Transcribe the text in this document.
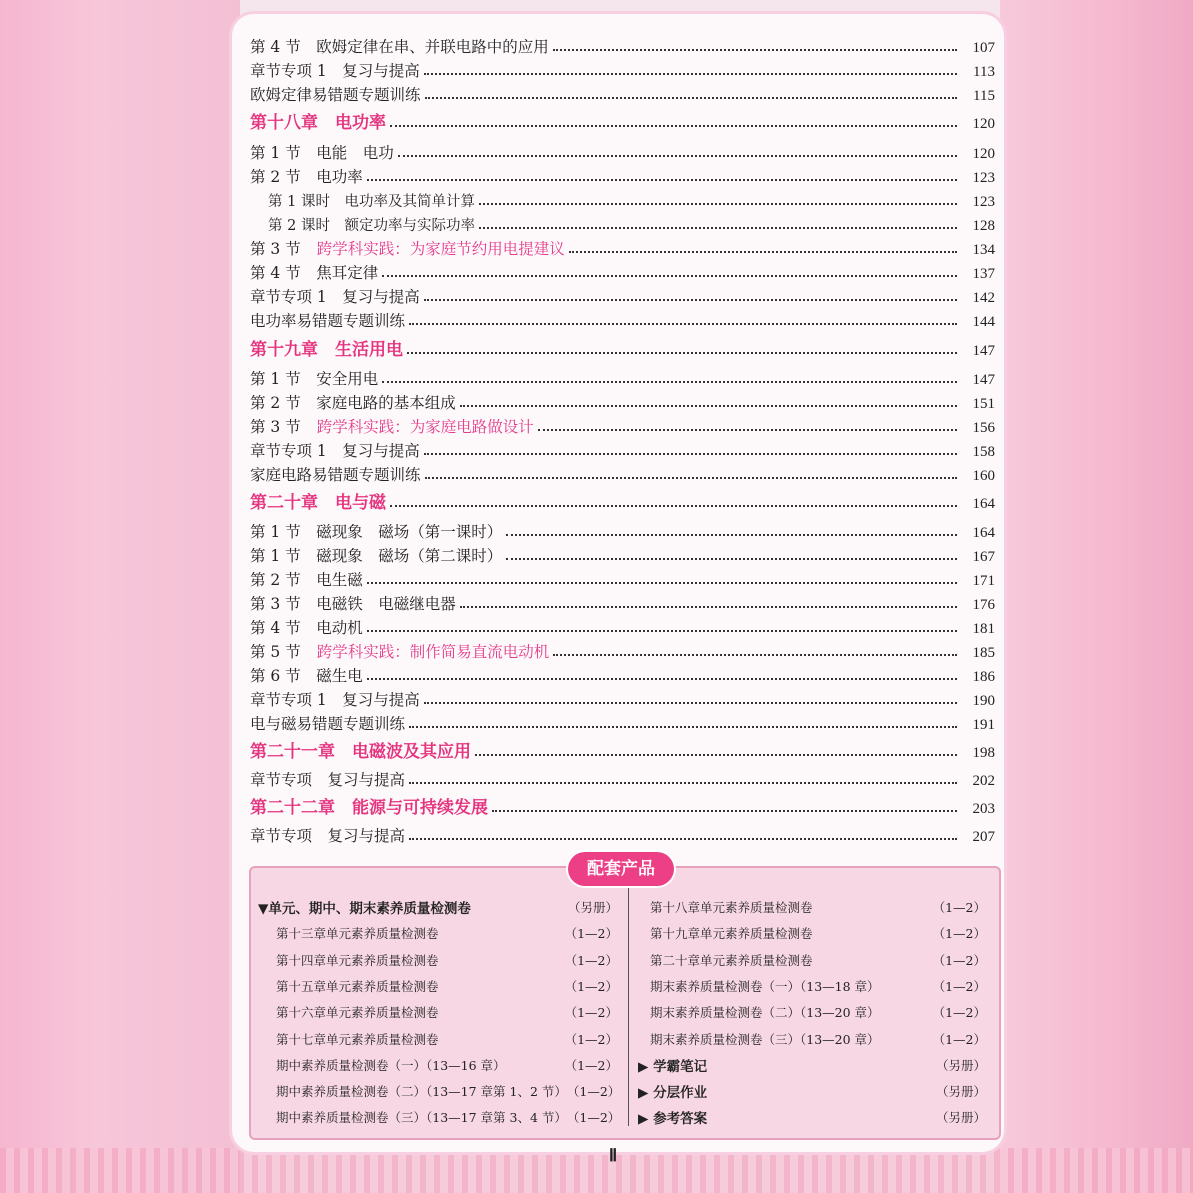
第 4 节　欧姆定律在串、并联电路中的应用	107
章节专项 1　复习与提高	113
欧姆定律易错题专题训练	115
第十八章　电功率	120
第 1 节　电能　电功	120
第 2 节　电功率	123
第 1 课时　电功率及其简单计算	123
第 2 课时　额定功率与实际功率	128
第 3 节 跨学科实践：为家庭节约用电提建议	134
第 4 节　焦耳定律	137
章节专项 1　复习与提高	142
电功率易错题专题训练	144
第十九章　生活用电	147
第 1 节　安全用电	147
第 2 节　家庭电路的基本组成	151
第 3 节 跨学科实践：为家庭电路做设计	156
章节专项 1　复习与提高	158
家庭电路易错题专题训练	160
第二十章　电与磁	164
第 1 节　磁现象　磁场（第一课时）	164
第 1 节　磁现象　磁场（第二课时）	167
第 2 节　电生磁	171
第 3 节　电磁铁　电磁继电器	176
第 4 节　电动机	181
第 5 节 跨学科实践：制作简易直流电动机	185
第 6 节　磁生电	186
章节专项 1　复习与提高	190
电与磁易错题专题训练	191
第二十一章　电磁波及其应用	198
章节专项　复习与提高	202
第二十二章　能源与可持续发展	203
章节专项　复习与提高	207
配套产品
▼单元、期中、期末素养质量检测卷	（另册）
第十三章单元素养质量检测卷	（1—2）
第十四章单元素养质量检测卷	（1—2）
第十五章单元素养质量检测卷	（1—2）
第十六章单元素养质量检测卷	（1—2）
第十七章单元素养质量检测卷	（1—2）
期中素养质量检测卷（一）（13—16 章）	（1—2）
期中素养质量检测卷（二）（13—17 章第 1、2 节） （1—2）
期中素养质量检测卷（三）（13—17 章第 3、4 节） （1—2）
第十八章单元素养质量检测卷	（1—2）
第十九章单元素养质量检测卷	（1—2）
第二十章单元素养质量检测卷	（1—2）
期末素养质量检测卷（一）（13—18 章）	（1—2）
期末素养质量检测卷（二）（13—20 章）	（1—2）
期末素养质量检测卷（三）（13—20 章）	（1—2）
▶ 学霸笔记	（另册）
▶ 分层作业	（另册）
▶ 参考答案	（另册）
Ⅱ
